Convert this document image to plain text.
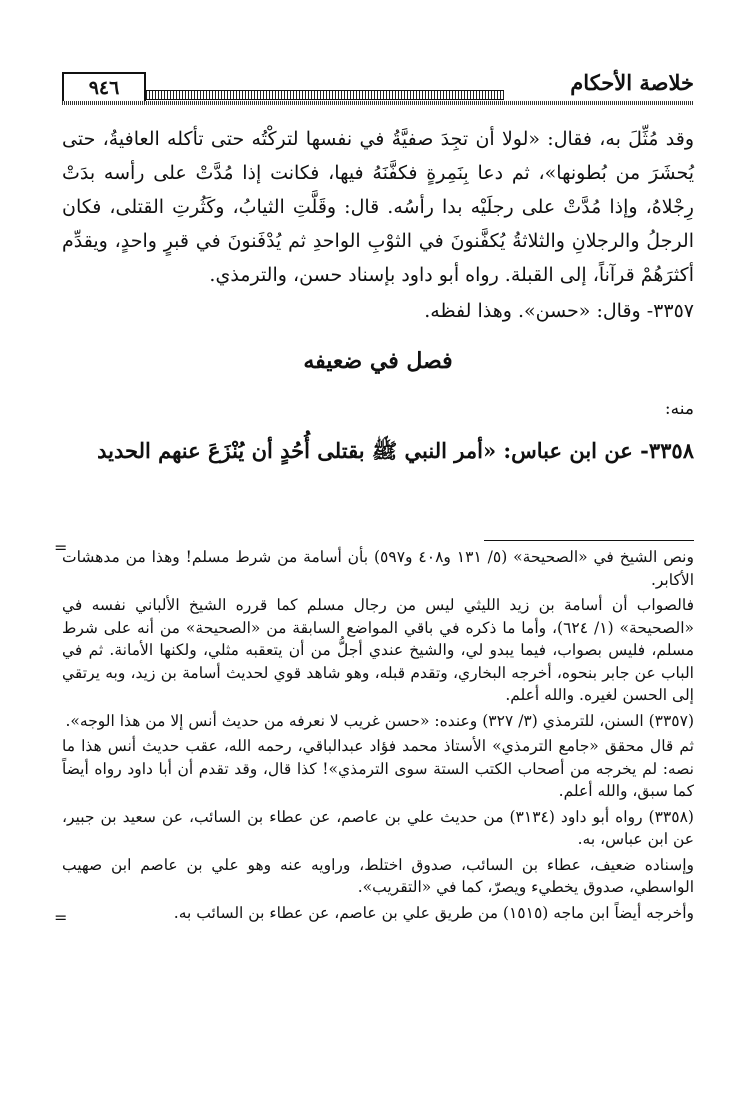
خلاصة الأحكام
٩٤٦

وقد مُثِّلَ به، فقال: «لولا أن تجِدَ صفيَّةُ في نفسها لتركْتُه حتى تأكله العافيةُ، حتى يُحشَرَ من بُطونها»، ثم دعا بِنَمِرةٍ فكفَّنَهُ فيها، فكانت إذا مُدَّتْ على رأسه بدَتْ رِجْلاهُ، وإذا مُدَّتْ على رجلَيْه بدا رأسُه. قال: وقَلَّتِ الثيابُ، وكَثُرتِ القتلى، فكان الرجلُ والرجلانِ والثلاثةُ يُكفَّنونَ في الثوْبِ الواحدِ ثم يُدْفَنونَ في قبرٍ واحدٍ، ويقدِّم أكثرَهُمْ قرآناً، إلى القبلة. رواه أبو داود بإسناد حسن، والترمذي.

٣٣٥٧- وقال: «حسن». وهذا لفظه.

فصل في ضعيفه

منه:

٣٣٥٨- عن ابن عباس: «أمر النبي ﷺ بقتلى أُحُدٍ أن يُنْزَعَ عنهم الحديد

=

ونص الشيخ في «الصحيحة» (٥/ ١٣١ و٤٠٨ و٥٩٧) بأن أسامة من شرط مسلم! وهذا من مدهشات الأكابر.

فالصواب أن أسامة بن زيد الليثي ليس من رجال مسلم كما قرره الشيخ الألباني نفسه في «الصحيحة» (١/ ٦٢٤)، وأما ما ذكره في باقي المواضع السابقة من «الصحيحة» من أنه على شرط مسلم، فليس بصواب، فيما يبدو لي، والشيخ عندي أجلُّ من أن يتعقبه مثلي، ولكنها الأمانة. ثم في الباب عن جابر بنحوه، أخرجه البخاري، وتقدم قبله، وهو شاهد قوي لحديث أسامة بن زيد، وبه يرتقي إلى الحسن لغيره. والله أعلم.

(٣٣٥٧) السنن، للترمذي (٣/ ٣٢٧) وعنده: «حسن غريب لا نعرفه من حديث أنس إلا من هذا الوجه».

ثم قال محقق «جامع الترمذي» الأستاذ محمد فؤاد عبدالباقي، رحمه الله، عقب حديث أنس هذا ما نصه: لم يخرجه من أصحاب الكتب الستة سوى الترمذي»! كذا قال، وقد تقدم أن أبا داود رواه أيضاً كما سبق، والله أعلم.

(٣٣٥٨) رواه أبو داود (٣١٣٤) من حديث علي بن عاصم، عن عطاء بن السائب، عن سعيد بن جبير، عن ابن عباس، به.

وإسناده ضعيف، عطاء بن السائب، صدوق اختلط، وراويه عنه وهو علي بن عاصم ابن صهيب الواسطي، صدوق يخطيء ويصرّ، كما في «التقريب».

وأخرجه أيضاً ابن ماجه (١٥١٥) من طريق علي بن عاصم، عن عطاء بن السائب به.

=
